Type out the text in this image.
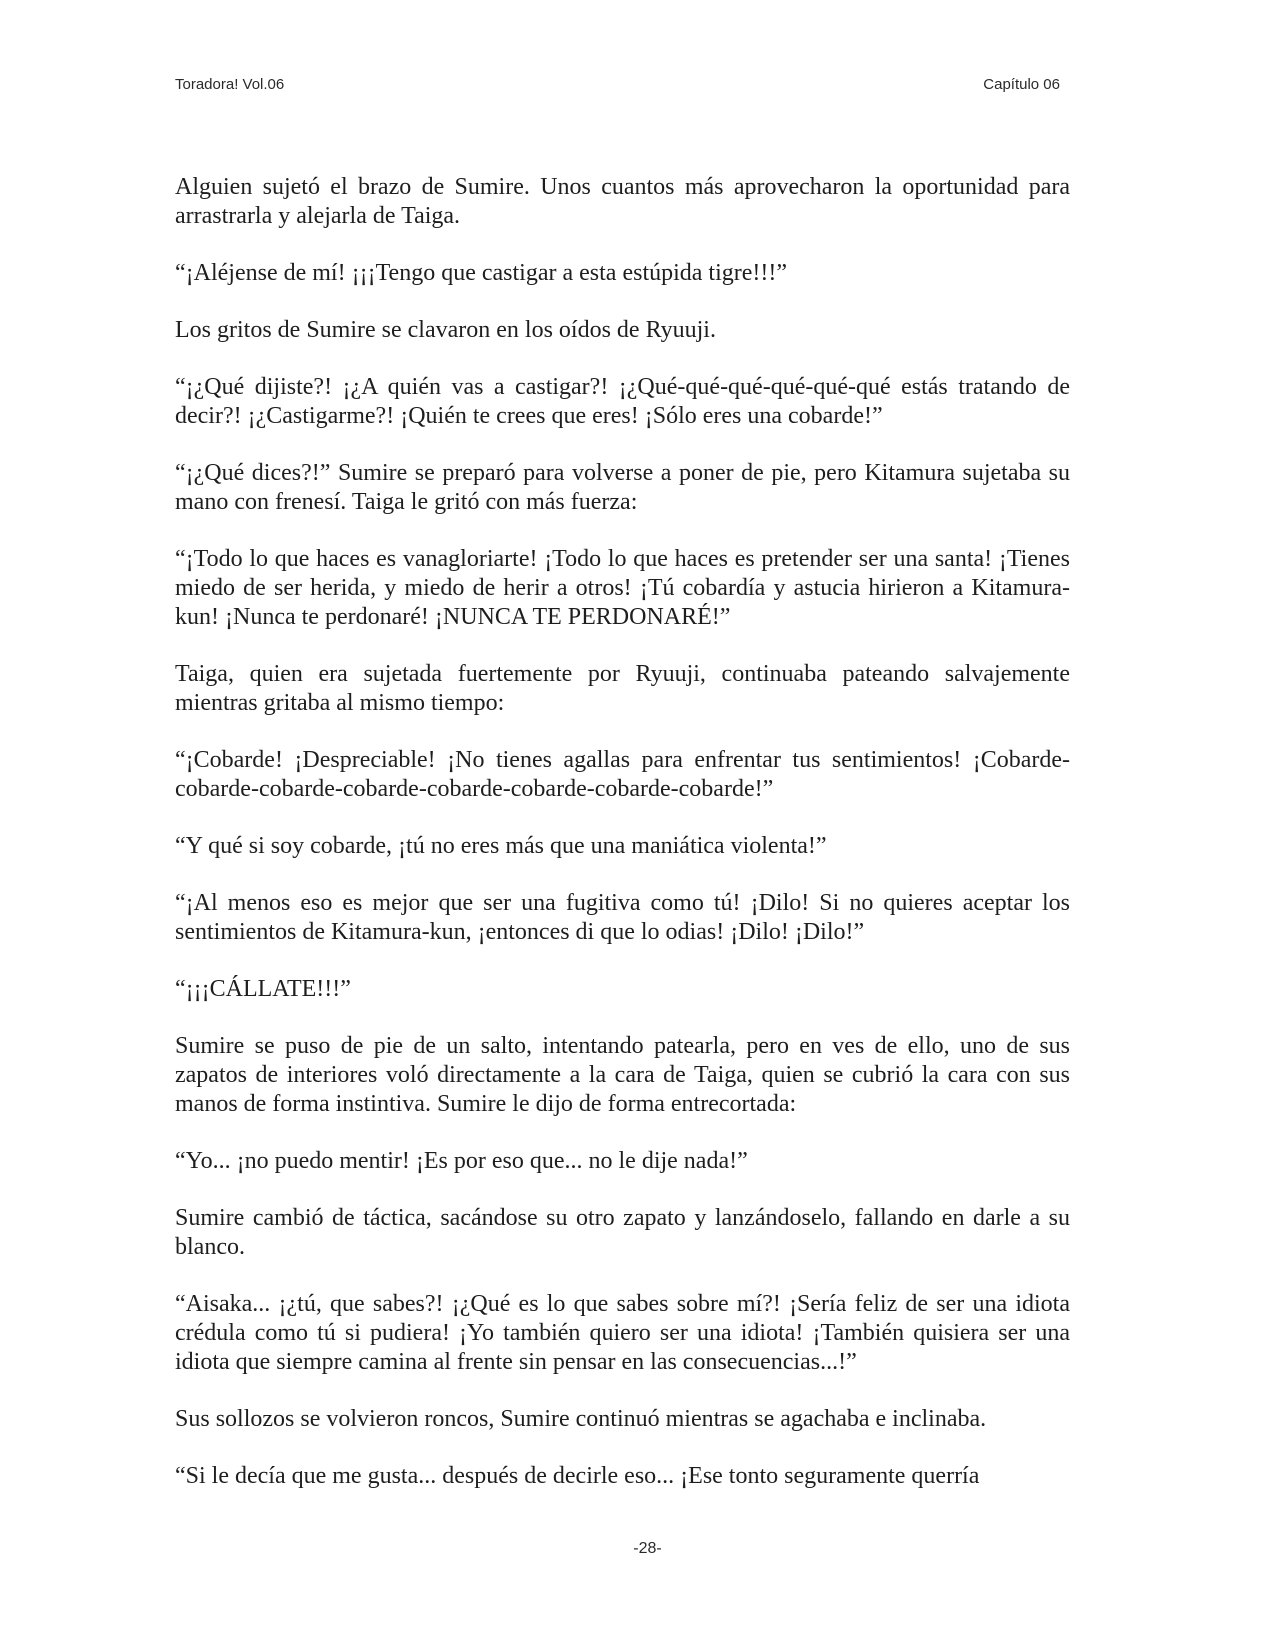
Toradora! Vol.06	Capítulo 06

Alguien sujetó el brazo de Sumire. Unos cuantos más aprovecharon la oportunidad para arrastrarla y alejarla de Taiga.

“¡Aléjense de mí! ¡¡¡Tengo que castigar a esta estúpida tigre!!!”

Los gritos de Sumire se clavaron en los oídos de Ryuuji.

“¡¿Qué dijiste?! ¡¿A quién vas a castigar?! ¡¿Qué-qué-qué-qué-qué-qué estás tratando de decir?! ¡¿Castigarme?! ¡Quién te crees que eres! ¡Sólo eres una cobarde!”

“¡¿Qué dices?!” Sumire se preparó para volverse a poner de pie, pero Kitamura sujetaba su mano con frenesí. Taiga le gritó con más fuerza:

“¡Todo lo que haces es vanagloriarte! ¡Todo lo que haces es pretender ser una santa! ¡Tienes miedo de ser herida, y miedo de herir a otros! ¡Tú cobardía y astucia hirieron a Kitamura-kun! ¡Nunca te perdonaré! ¡NUNCA TE PERDONARÉ!”

Taiga, quien era sujetada fuertemente por Ryuuji, continuaba pateando salvajemente mientras gritaba al mismo tiempo:

“¡Cobarde! ¡Despreciable! ¡No tienes agallas para enfrentar tus sentimientos! ¡Cobarde-cobarde-cobarde-cobarde-cobarde-cobarde-cobarde-cobarde!”

“Y qué si soy cobarde, ¡tú no eres más que una maniática violenta!”

“¡Al menos eso es mejor que ser una fugitiva como tú! ¡Dilo! Si no quieres aceptar los sentimientos de Kitamura-kun, ¡entonces di que lo odias! ¡Dilo! ¡Dilo!”

“¡¡¡CÁLLATE!!!”

Sumire se puso de pie de un salto, intentando patearla, pero en ves de ello, uno de sus zapatos de interiores voló directamente a la cara de Taiga, quien se cubrió la cara con sus manos de forma instintiva. Sumire le dijo de forma entrecortada:

“Yo... ¡no puedo mentir! ¡Es por eso que... no le dije nada!”

Sumire cambió de táctica, sacándose su otro zapato y lanzándoselo, fallando en darle a su blanco.

“Aisaka... ¡¿tú, que sabes?! ¡¿Qué es lo que sabes sobre mí?! ¡Sería feliz de ser una idiota crédula como tú si pudiera! ¡Yo también quiero ser una idiota! ¡También quisiera ser una idiota que siempre camina al frente sin pensar en las consecuencias...!”

Sus sollozos se volvieron roncos, Sumire continuó mientras se agachaba e inclinaba.

“Si le decía que me gusta... después de decirle eso... ¡Ese tonto seguramente querría

-28-
